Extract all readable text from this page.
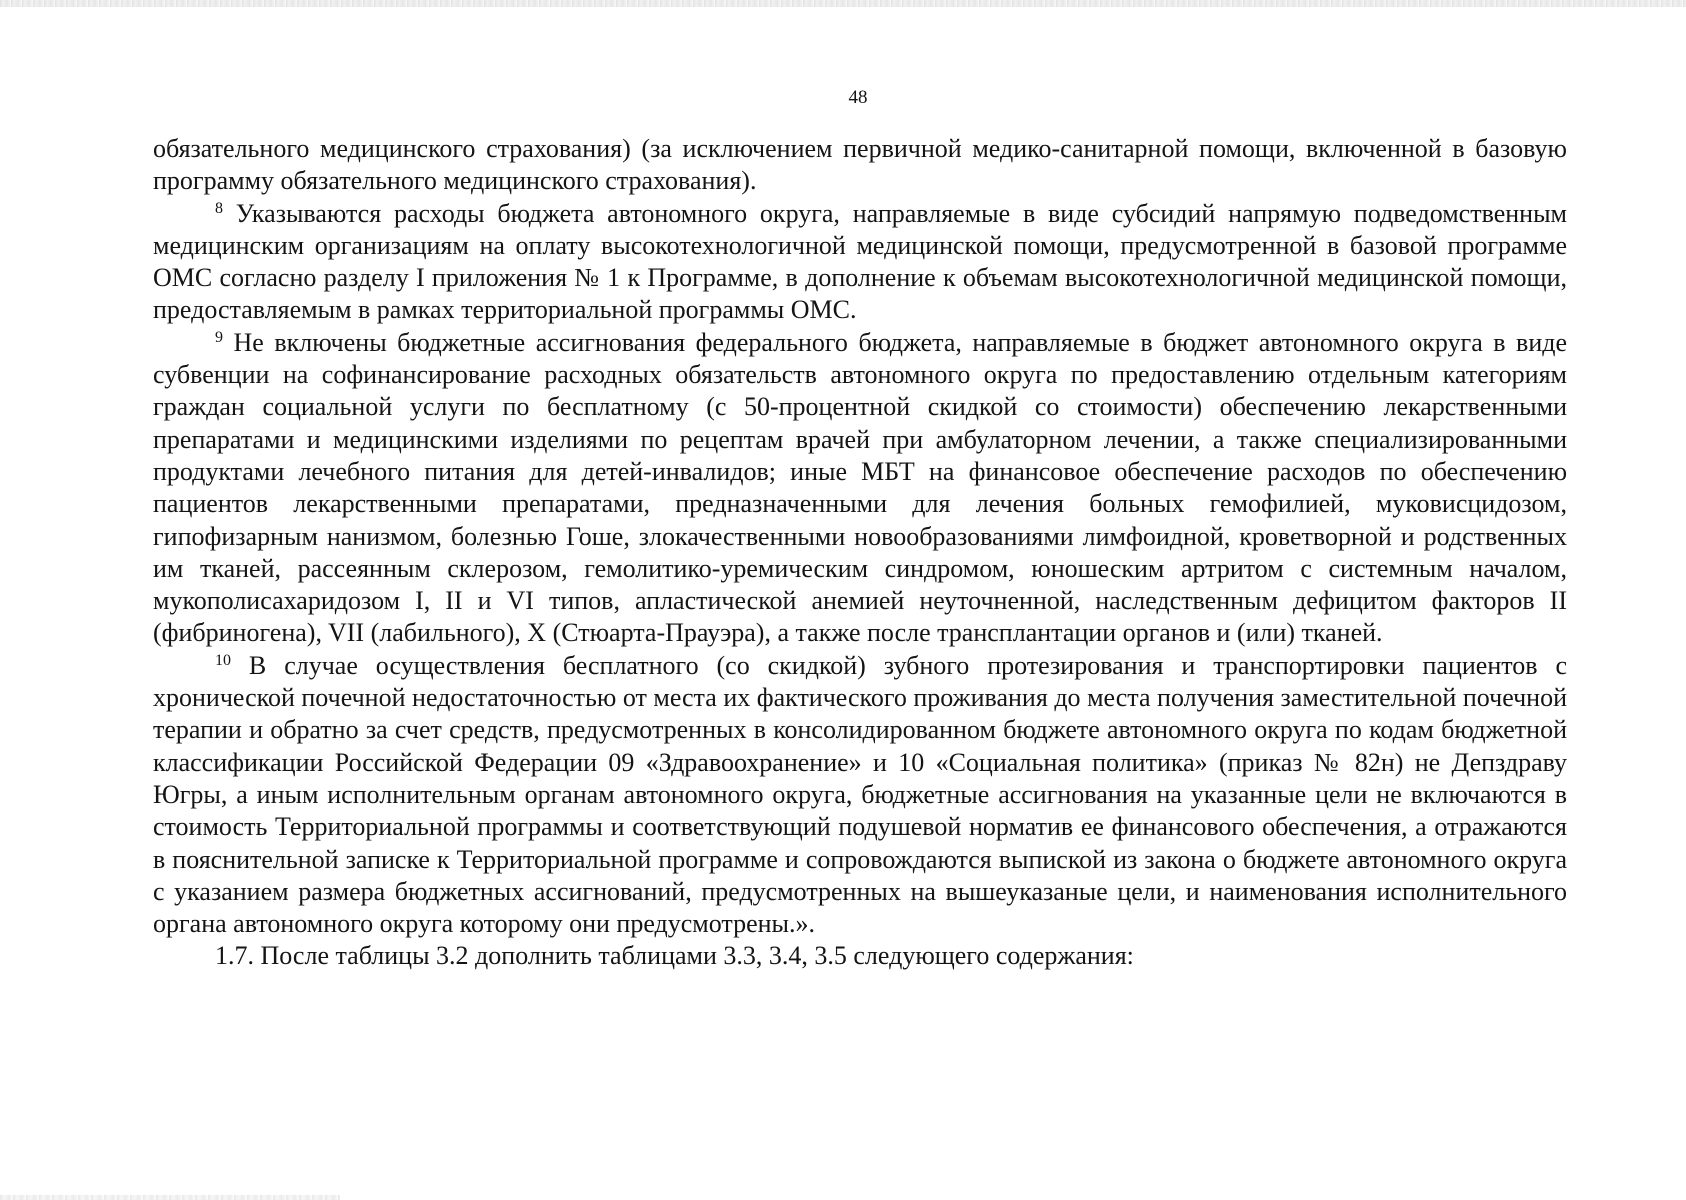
48

обязательного медицинского страхования) (за исключением первичной медико-санитарной помощи, включенной в базовую программу обязательного медицинского страхования).

$^8$ Указываются расходы бюджета автономного округа, направляемые в виде субсидий напрямую подведомственным медицинским организациям на оплату высокотехнологичной медицинской помощи, предусмотренной в базовой программе ОМС согласно разделу I приложения № 1 к Программе, в дополнение к объемам высокотехнологичной медицинской помощи, предоставляемым в рамках территориальной программы ОМС.

$^9$ Не включены бюджетные ассигнования федерального бюджета, направляемые в бюджет автономного округа в виде субвенции на софинансирование расходных обязательств автономного округа по предоставлению отдельным категориям граждан социальной услуги по бесплатному (с 50-процентной скидкой со стоимости) обеспечению лекарственными препаратами и медицинскими изделиями по рецептам врачей при амбулаторном лечении, а также специализированными продуктами лечебного питания для детей-инвалидов; иные МБТ на финансовое обеспечение расходов по обеспечению пациентов лекарственными препаратами, предназначенными для лечения больных гемофилией, муковисцидозом, гипофизарным нанизмом, болезнью Гоше, злокачественными новообразованиями лимфоидной, кроветворной и родственных им тканей, рассеянным склерозом, гемолитико-уремическим синдромом, юношеским артритом с системным началом, мукополисахаридозом I, II и VI типов, апластической анемией неуточненной, наследственным дефицитом факторов II (фибриногена), VII (лабильного), X (Стюарта-Прауэра), а также после трансплантации органов и (или) тканей.

$^{10}$ В случае осуществления бесплатного (со скидкой) зубного протезирования и транспортировки пациентов с хронической почечной недостаточностью от места их фактического проживания до места получения заместительной почечной терапии и обратно за счет средств, предусмотренных в консолидированном бюджете автономного округа по кодам бюджетной классификации Российской Федерации 09 «Здравоохранение» и 10 «Социальная политика» (приказ № 82н) не Депздраву Югры, а иным исполнительным органам автономного округа, бюджетные ассигнования на указанные цели не включаются в стоимость Территориальной программы и соответствующий подушевой норматив ее финансового обеспечения, а отражаются в пояснительной записке к Территориальной программе и сопровождаются выпиской из закона о бюджете автономного округа с указанием размера бюджетных ассигнований, предусмотренных на вышеуказаные цели, и наименования исполнительного органа автономного округа которому они предусмотрены.».

1.7. После таблицы 3.2 дополнить таблицами 3.3, 3.4, 3.5 следующего содержания:
